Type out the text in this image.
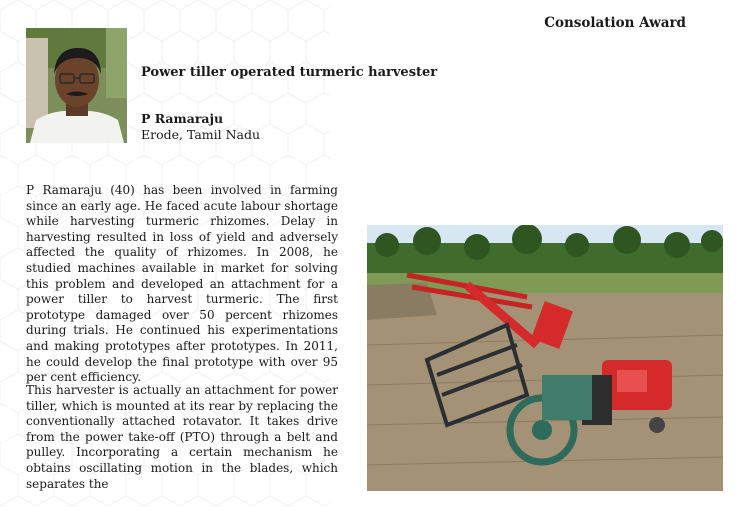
Consolation Award
Power tiller operated turmeric harvester
P Ramaraju
Erode, Tamil Nadu

P Ramaraju (40) has been involved in farming since an early age. He faced acute labour shortage while harvesting turmeric rhizomes. Delay in harvesting resulted in loss of yield and adversely affected the quality of rhizomes. In 2008, he studied machines available in market for solving this problem and developed an attachment for a power tiller to harvest turmeric. The first prototype damaged over 50 percent rhizomes during trials. He continued his experimentations and making prototypes after prototypes. In 2011, he could develop the final prototype with over 95 per cent efficiency.

This harvester is actually an attachment for power tiller, which is mounted at its rear by replacing the conventionally attached rotavator. It takes drive from the power take-off (PTO) through a belt and pulley. Incorporating a certain mechanism he obtains oscillating motion in the blades, which separates the
